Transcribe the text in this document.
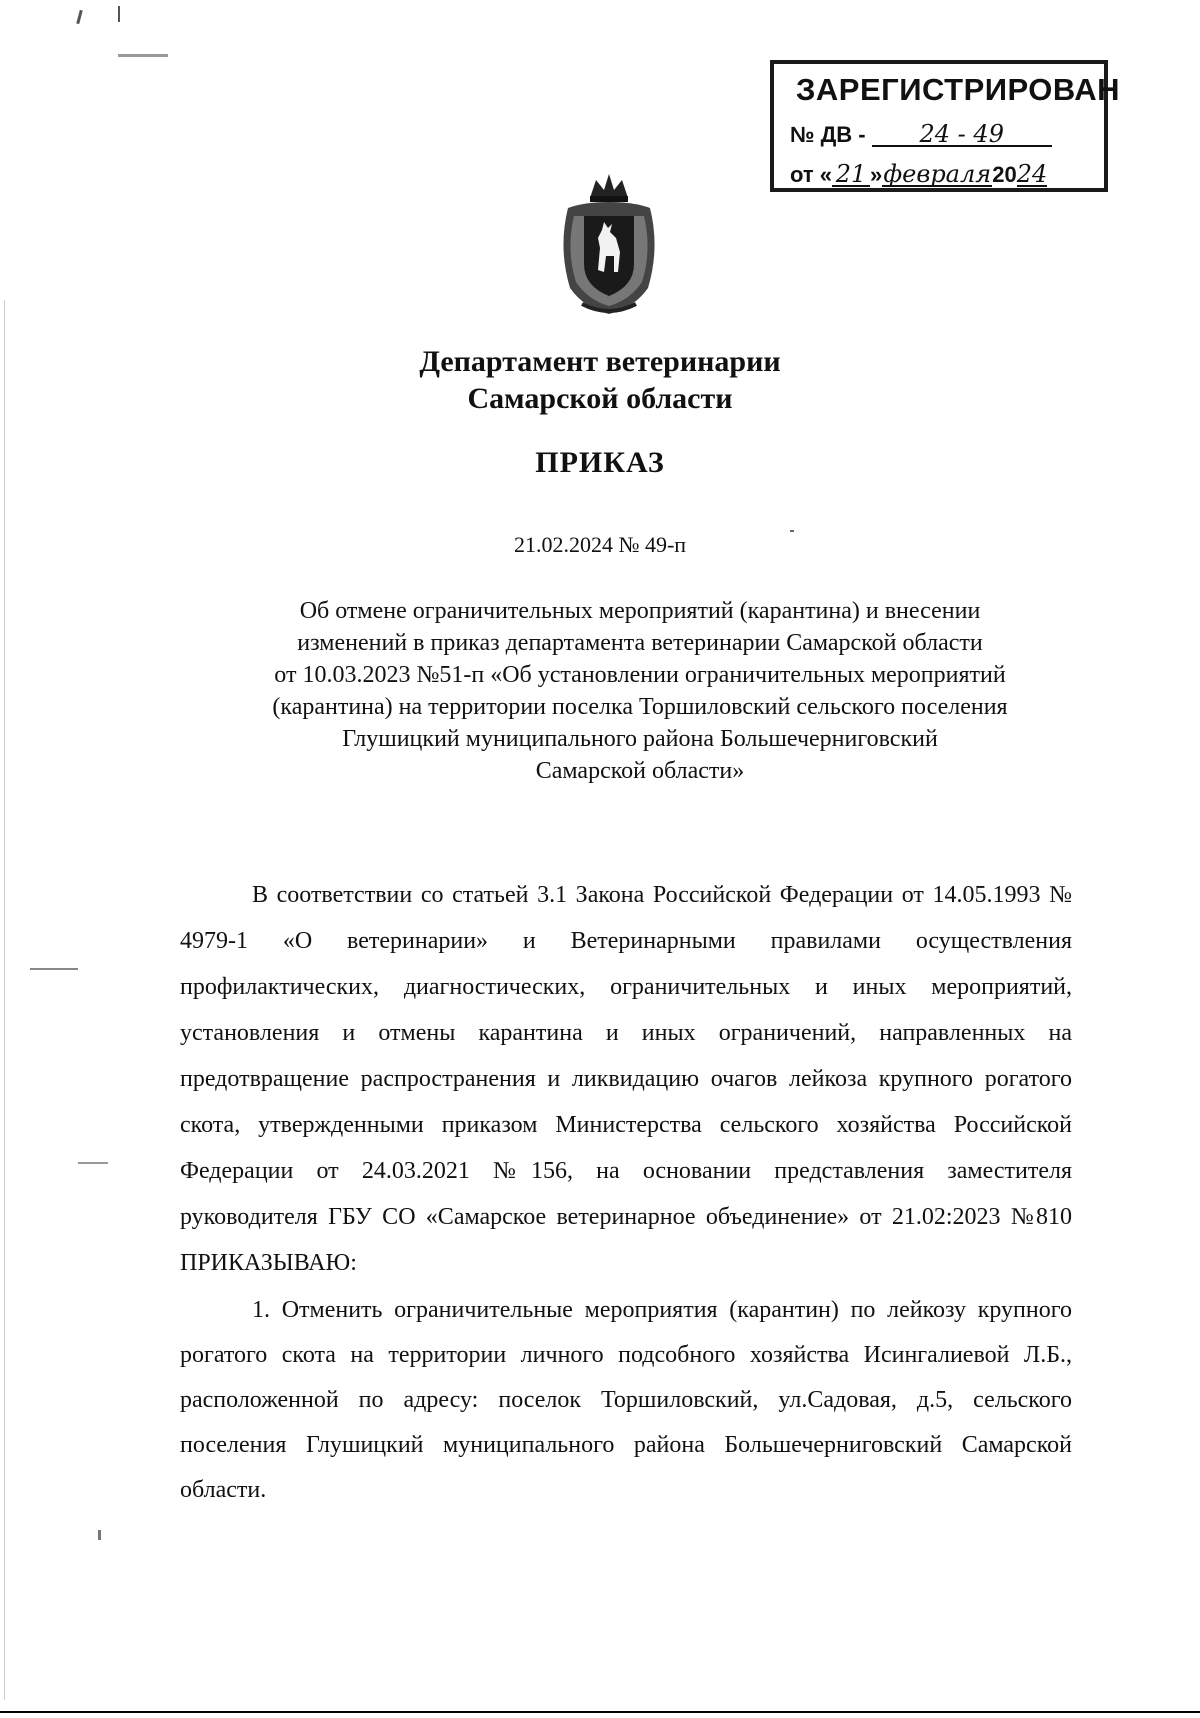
ЗАРЕГИСТРИРОВАН
№ ДВ - 24 - 49
от « 21 »февраля2024
Департамент ветеринарии
Самарской области
ПРИКАЗ
21.02.2024 № 49-п
Об отмене ограничительных мероприятий (карантина) и внесении
изменений в приказ департамента ветеринарии Самарской области
от 10.03.2023 №51-п «Об установлении ограничительных мероприятий
(карантина) на территории поселка Торшиловский сельского поселения
Глушицкий муниципального района Большечерниговский
Самарской области»

В соответствии со статьей 3.1 Закона Российской Федерации от 14.05.1993 № 4979-1 «О ветеринарии» и Ветеринарными правилами осуществления профилактических, диагностических, ограничительных и иных мероприятий, установления и отмены карантина и иных ограничений, направленных на предотвращение распространения и ликвидацию очагов лейкоза крупного рогатого скота, утвержденными приказом Министерства сельского хозяйства Российской Федерации от 24.03.2021 №156, на основании представления заместителя руководителя ГБУ СО «Самарское ветеринарное объединение» от 21.02:2023 №810 ПРИКАЗЫВАЮ:

1. Отменить ограничительные мероприятия (карантин) по лейкозу крупного рогатого скота на территории личного подсобного хозяйства Исингалиевой Л.Б., расположенной по адресу: поселок Торшиловский, ул.Садовая, д.5, сельского поселения Глушицкий муниципального района Большечерниговский Самарской области.
